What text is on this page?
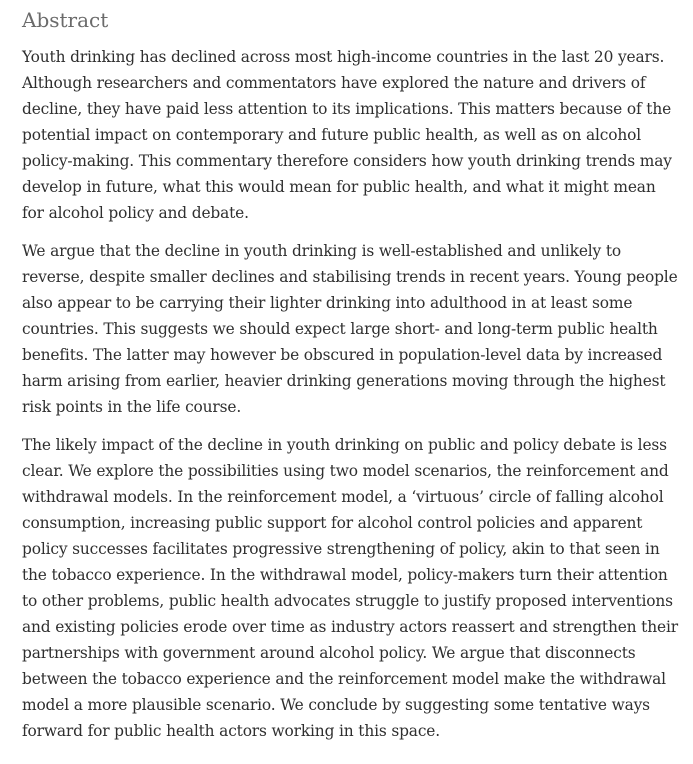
Abstract

Youth drinking has declined across most high-income countries in the last 20 years. Although researchers and commentators have explored the nature and drivers of decline, they have paid less attention to its implications. This matters because of the potential impact on contemporary and future public health, as well as on alcohol policy-making. This commentary therefore considers how youth drinking trends may develop in future, what this would mean for public health, and what it might mean for alcohol policy and debate.

We argue that the decline in youth drinking is well-established and unlikely to reverse, despite smaller declines and stabilising trends in recent years. Young people also appear to be carrying their lighter drinking into adulthood in at least some countries. This suggests we should expect large short- and long-term public health benefits. The latter may however be obscured in population-level data by increased harm arising from earlier, heavier drinking generations moving through the highest risk points in the life course.

The likely impact of the decline in youth drinking on public and policy debate is less clear. We explore the possibilities using two model scenarios, the reinforcement and withdrawal models. In the reinforcement model, a ‘virtuous’ circle of falling alcohol consumption, increasing public support for alcohol control policies and apparent policy successes facilitates progressive strengthening of policy, akin to that seen in the tobacco experience. In the withdrawal model, policy-makers turn their attention to other problems, public health advocates struggle to justify proposed interventions and existing policies erode over time as industry actors reassert and strengthen their partnerships with government around alcohol policy. We argue that disconnects between the tobacco experience and the reinforcement model make the withdrawal model a more plausible scenario. We conclude by suggesting some tentative ways forward for public health actors working in this space.
